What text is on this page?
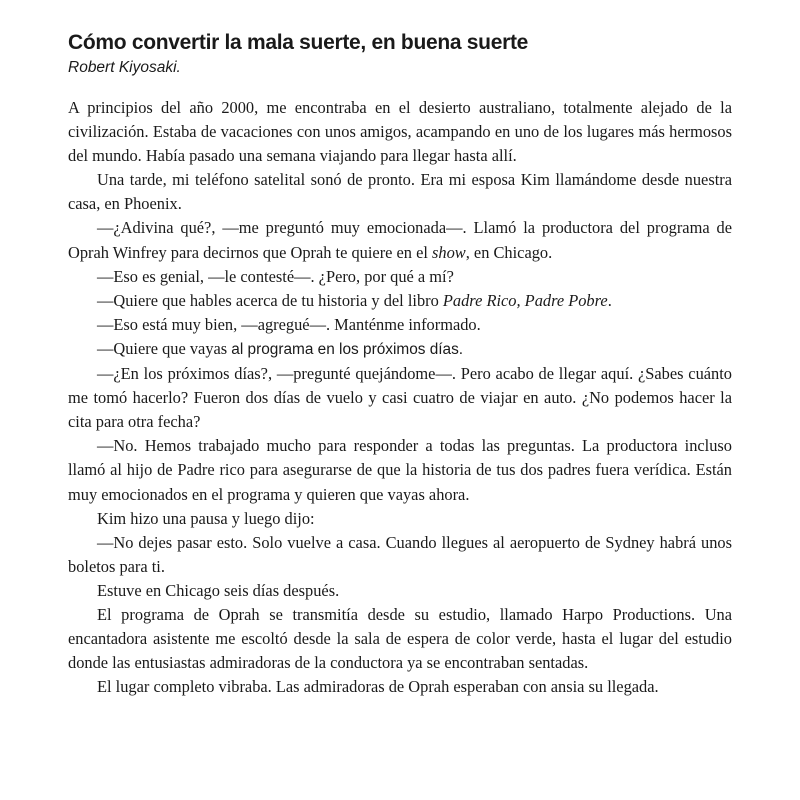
Cómo convertir la mala suerte, en buena suerte
Robert Kiyosaki.

A principios del año 2000, me encontraba en el desierto australiano, totalmente alejado de la civilización. Estaba de vacaciones con unos amigos, acampando en uno de los lugares más hermosos del mundo. Había pasado una semana viajando para llegar hasta allí.

Una tarde, mi teléfono satelital sonó de pronto. Era mi esposa Kim llamándome desde nuestra casa, en Phoenix.

—¿Adivina qué?, —me preguntó muy emocionada—. Llamó la productora del programa de Oprah Winfrey para decirnos que Oprah te quiere en el show, en Chicago.

—Eso es genial, —le contesté—. ¿Pero, por qué a mí?

—Quiere que hables acerca de tu historia y del libro Padre Rico, Padre Pobre.

—Eso está muy bien, —agregué—. Manténme informado.

—Quiere que vayas al programa en los próximos días.

—¿En los próximos días?, —pregunté quejándome—. Pero acabo de llegar aquí. ¿Sabes cuánto me tomó hacerlo? Fueron dos días de vuelo y casi cuatro de viajar en auto. ¿No podemos hacer la cita para otra fecha?

—No. Hemos trabajado mucho para responder a todas las preguntas. La productora incluso llamó al hijo de Padre rico para asegurarse de que la historia de tus dos padres fuera verídica. Están muy emocionados en el programa y quieren que vayas ahora.

Kim hizo una pausa y luego dijo:

—No dejes pasar esto. Solo vuelve a casa. Cuando llegues al aeropuerto de Sydney habrá unos boletos para ti.

Estuve en Chicago seis días después.

El programa de Oprah se transmitía desde su estudio, llamado Harpo Productions. Una encantadora asistente me escoltó desde la sala de espera de color verde, hasta el lugar del estudio donde las entusiastas admiradoras de la conductora ya se encontraban sentadas.

El lugar completo vibraba. Las admiradoras de Oprah esperaban con ansia su llegada.
